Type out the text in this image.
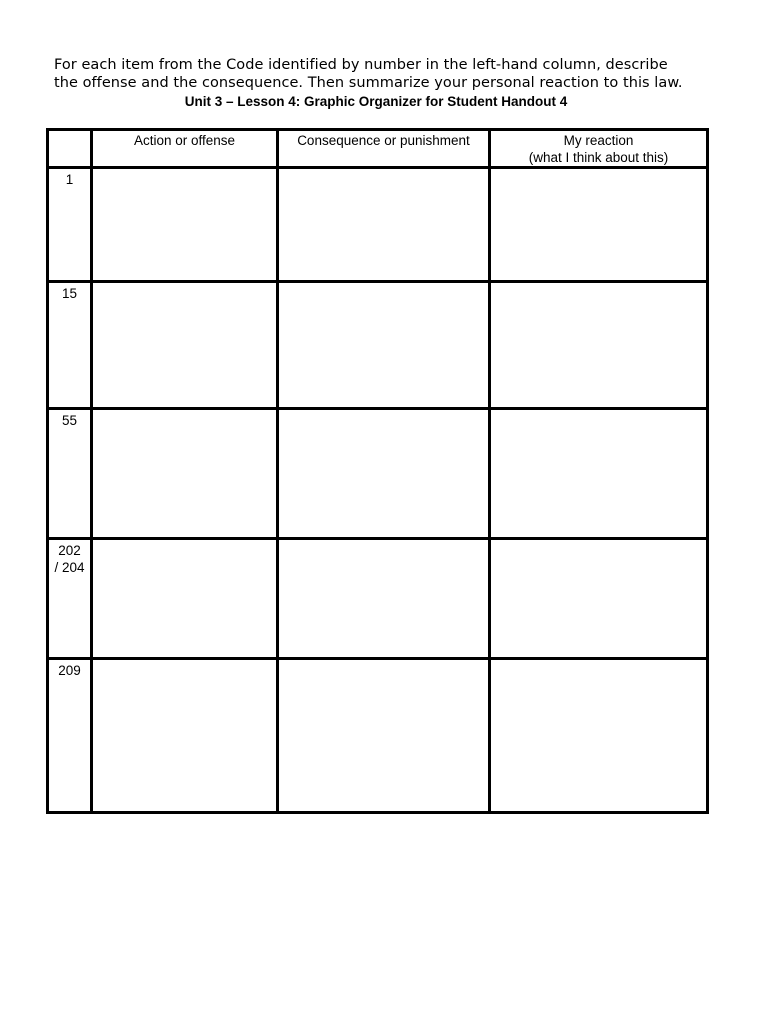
For each item from the Code identified by number in the left-hand column, describe
the offense and the consequence. Then summarize your personal reaction to this law.
Unit 3 – Lesson 4: Graphic Organizer for Student Handout 4
	Action or offense	Consequence or punishment	My reaction
(what I think about this)

1			

15			

55			

202
/ 204			

209			
